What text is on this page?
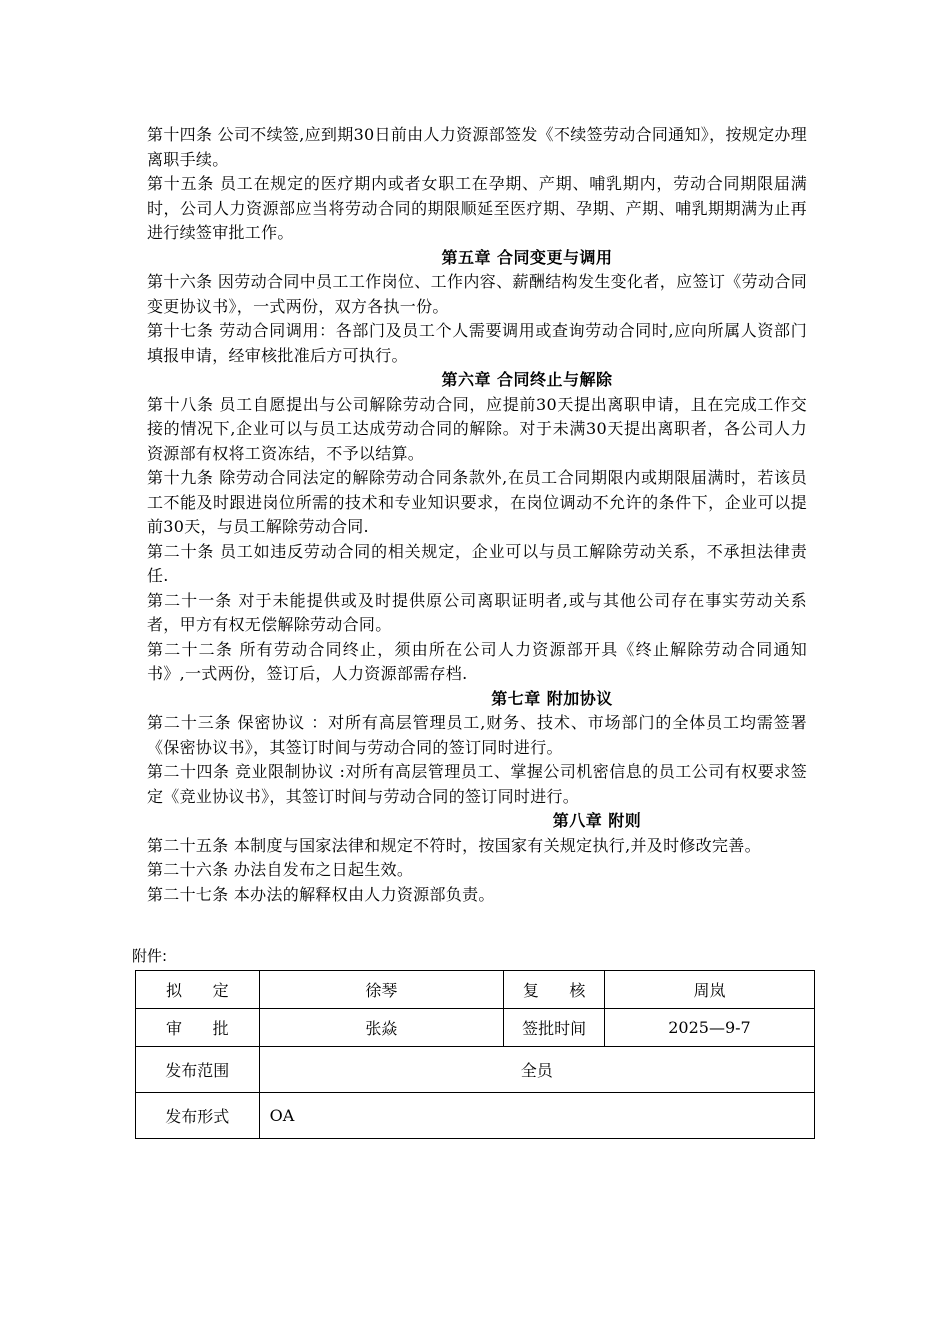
第十四条 公司不续签,应到期30日前由人力资源部签发《不续签劳动合同通知》，按规定办理离职手续。

第十五条 员工在规定的医疗期内或者女职工在孕期、产期、哺乳期内，劳动合同期限届满时，公司人力资源部应当将劳动合同的期限顺延至医疗期、孕期、产期、哺乳期期满为止再进行续签审批工作。

第五章 合同变更与调用

第十六条 因劳动合同中员工工作岗位、工作内容、薪酬结构发生变化者，应签订《劳动合同变更协议书》，一式两份，双方各执一份。

第十七条 劳动合同调用：各部门及员工个人需要调用或查询劳动合同时,应向所属人资部门填报申请，经审核批准后方可执行。

第六章 合同终止与解除

第十八条 员工自愿提出与公司解除劳动合同，应提前30天提出离职申请，且在完成工作交接的情况下,企业可以与员工达成劳动合同的解除。对于未满30天提出离职者，各公司人力资源部有权将工资冻结，不予以结算。

第十九条 除劳动合同法定的解除劳动合同条款外,在员工合同期限内或期限届满时，若该员工不能及时跟进岗位所需的技术和专业知识要求，在岗位调动不允许的条件下，企业可以提前30天，与员工解除劳动合同.

第二十条 员工如违反劳动合同的相关规定，企业可以与员工解除劳动关系，不承担法律责任.

第二十一条 对于未能提供或及时提供原公司离职证明者,或与其他公司存在事实劳动关系者，甲方有权无偿解除劳动合同。

第二十二条 所有劳动合同终止，须由所在公司人力资源部开具《终止解除劳动合同通知书》,一式两份，签订后，人力资源部需存档.

第七章 附加协议

第二十三条 保密协议 ：对所有高层管理员工,财务、技术、市场部门的全体员工均需签署《保密协议书》，其签订时间与劳动合同的签订同时进行。

第二十四条 竞业限制协议 :对所有高层管理员工、掌握公司机密信息的员工公司有权要求签定《竞业协议书》，其签订时间与劳动合同的签订同时进行。

第八章 附则

第二十五条 本制度与国家法律和规定不符时，按国家有关规定执行,并及时修改完善。

第二十六条 办法自发布之日起生效。

第二十七条 本办法的解释权由人力资源部负责。

附件:
拟      定	徐琴	复      核	周岚
审      批	张焱	签批时间	2025—9-7
发布范围	全员		
发布形式	OA		
